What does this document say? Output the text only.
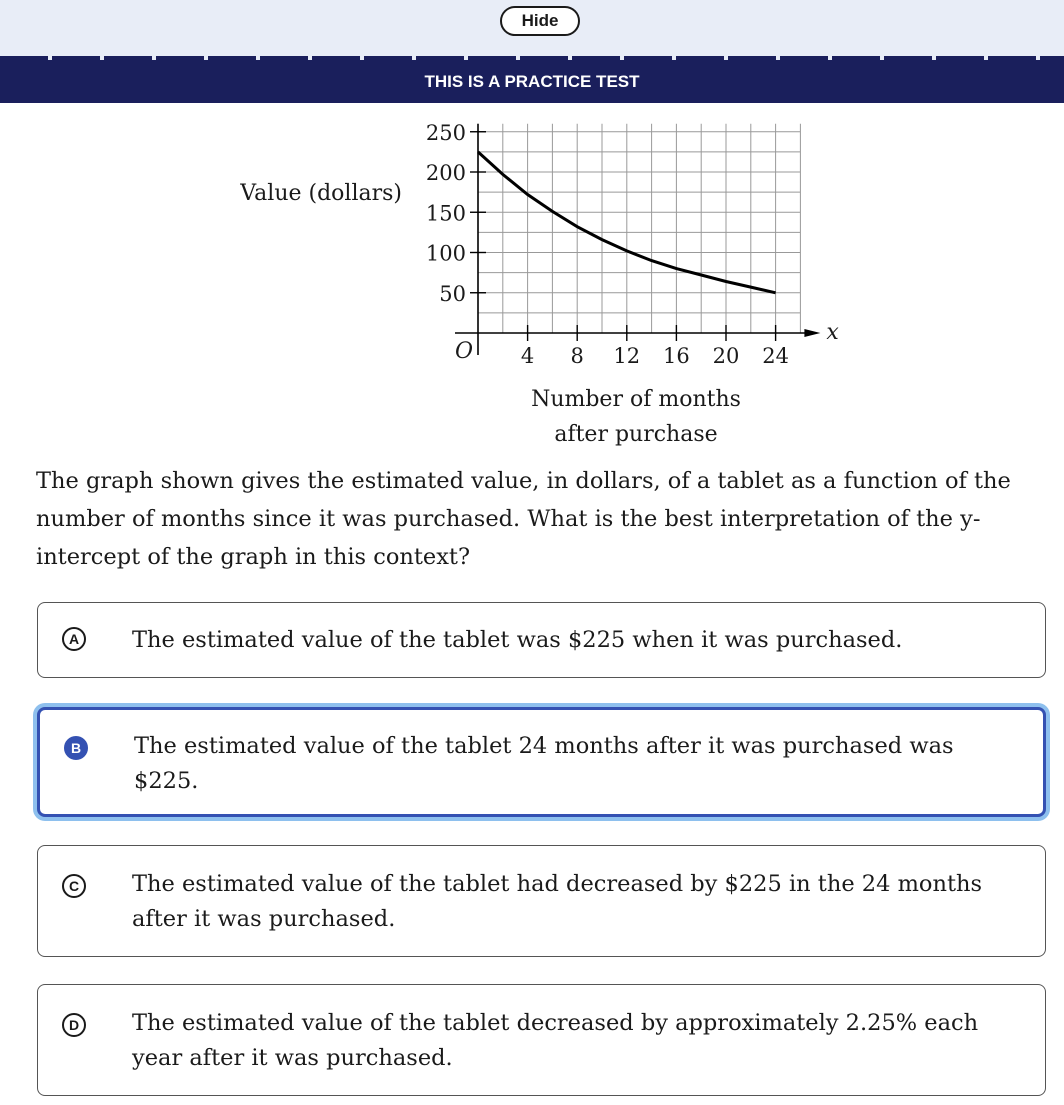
Hide
THIS IS A PRACTICE TEST
50
100
150
200
250
4 8 12 16 20 24
O
x
Value (dollars)
Number of months
after purchase

The graph shown gives the estimated value, in dollars, of a tablet as a function of the number of months since it was purchased. What is the best interpretation of the y-intercept of the graph in this context?

A	The estimated value of the tablet was $225 when it was purchased.
B	The estimated value of the tablet 24 months after it was purchased was $225.
C	The estimated value of the tablet had decreased by $225 in the 24 months after it was purchased.
D	The estimated value of the tablet decreased by approximately 2.25% each year after it was purchased.
